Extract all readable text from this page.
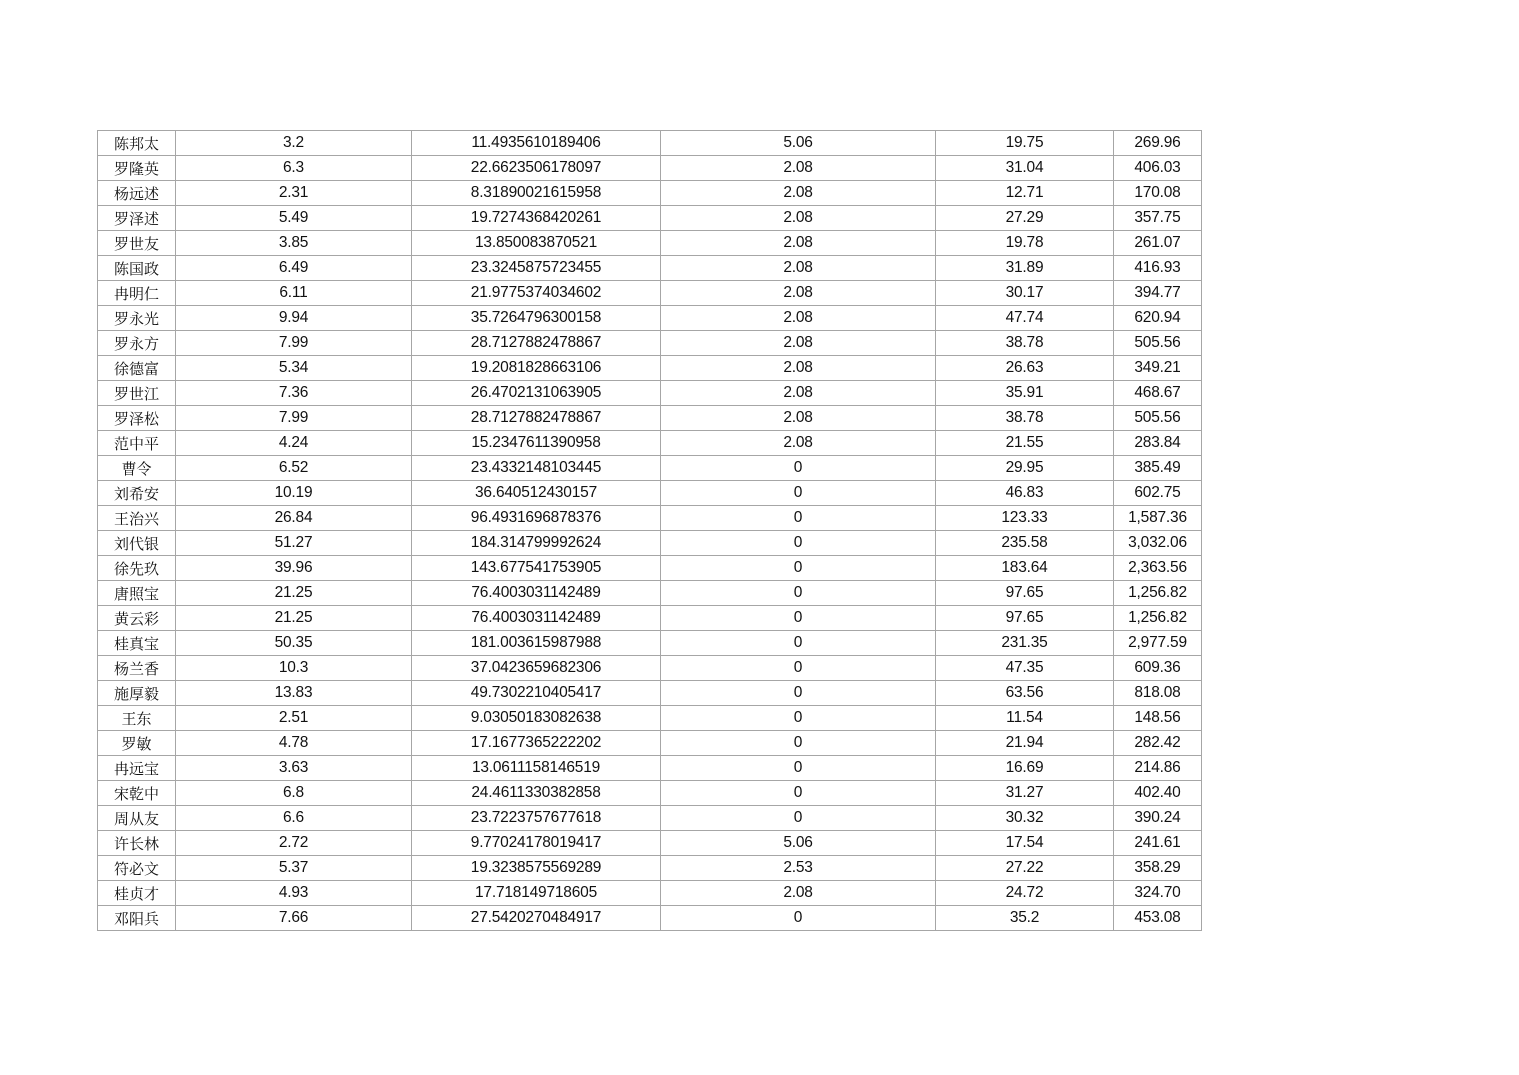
陈邦太	3.2	11.4935610189406	5.06	19.75	269.96
罗隆英	6.3	22.6623506178097	2.08	31.04	406.03
杨远述	2.31	8.31890021615958	2.08	12.71	170.08
罗泽述	5.49	19.7274368420261	2.08	27.29	357.75
罗世友	3.85	13.850083870521	2.08	19.78	261.07
陈国政	6.49	23.3245875723455	2.08	31.89	416.93
冉明仁	6.11	21.9775374034602	2.08	30.17	394.77
罗永光	9.94	35.7264796300158	2.08	47.74	620.94
罗永方	7.99	28.7127882478867	2.08	38.78	505.56
徐德富	5.34	19.2081828663106	2.08	26.63	349.21
罗世江	7.36	26.4702131063905	2.08	35.91	468.67
罗泽松	7.99	28.7127882478867	2.08	38.78	505.56
范中平	4.24	15.2347611390958	2.08	21.55	283.84
曹令	6.52	23.4332148103445	0	29.95	385.49
刘希安	10.19	36.640512430157	0	46.83	602.75
王治兴	26.84	96.4931696878376	0	123.33	1,587.36
刘代银	51.27	184.314799992624	0	235.58	3,032.06
徐先玖	39.96	143.677541753905	0	183.64	2,363.56
唐照宝	21.25	76.4003031142489	0	97.65	1,256.82
黄云彩	21.25	76.4003031142489	0	97.65	1,256.82
桂真宝	50.35	181.003615987988	0	231.35	2,977.59
杨兰香	10.3	37.0423659682306	0	47.35	609.36
施厚毅	13.83	49.7302210405417	0	63.56	818.08
王东	2.51	9.03050183082638	0	11.54	148.56
罗敏	4.78	17.1677365222202	0	21.94	282.42
冉远宝	3.63	13.0611158146519	0	16.69	214.86
宋乾中	6.8	24.4611330382858	0	31.27	402.40
周从友	6.6	23.7223757677618	0	30.32	390.24
许长林	2.72	9.77024178019417	5.06	17.54	241.61
符必文	5.37	19.3238575569289	2.53	27.22	358.29
桂贞才	4.93	17.718149718605	2.08	24.72	324.70
邓阳兵	7.66	27.5420270484917	0	35.2	453.08
